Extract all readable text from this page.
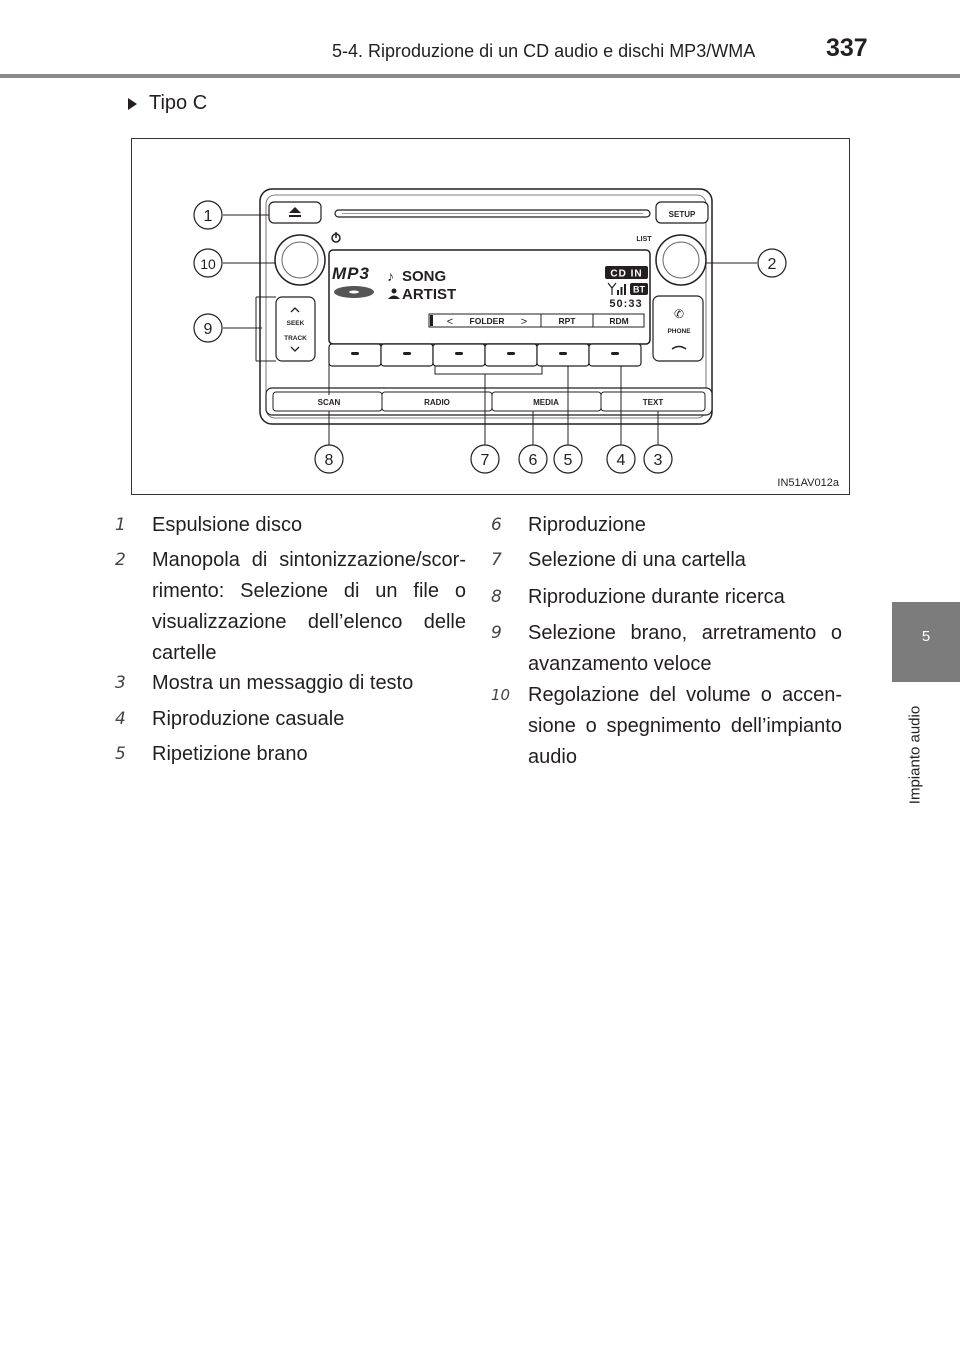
5-4. Riproduzione di un CD audio e dischi MP3/WMA	337
5
Impianto audio
Tipo C
SETUP
LIST
MP3 ♪ SONG
ARTIST
CD IN
BT
50:33
< FOLDER >	RPT	RDM
SEEK
TRACK
✆
PHONE
SCAN	RADIO	MEDIA	TEXT
1
2
3
4
5
6
7
8
9
10
IN51AV012a
1	Espulsione disco
2	Manopola di sintonizzazione/scor-rimento: Selezione di un file o visualizzazione dell’elenco delle cartelle
3	Mostra un messaggio di testo
4	Riproduzione casuale
5	Ripetizione brano
6	Riproduzione
7	Selezione di una cartella
8	Riproduzione durante ricerca
9	Selezione brano, arretramento o avanzamento veloce
10 Regolazione del volume o accen-sione o spegnimento dell’impianto audio
